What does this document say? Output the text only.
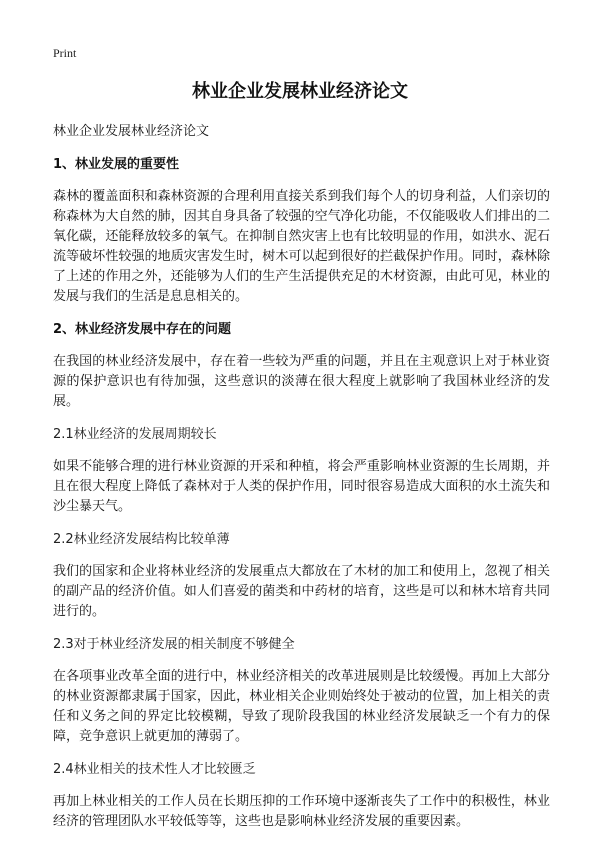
Print
林业企业发展林业经济论文

林业企业发展林业经济论文

1、林业发展的重要性

森林的覆盖面积和森林资源的合理利用直接关系到我们每个人的切身利益，人们亲切的称森林为大自然的肺，因其自身具备了较强的空气净化功能，不仅能吸收人们排出的二氧化碳，还能释放较多的氧气。在抑制自然灾害上也有比较明显的作用，如洪水、泥石流等破坏性较强的地质灾害发生时，树木可以起到很好的拦截保护作用。同时，森林除了上述的作用之外，还能够为人们的生产生活提供充足的木材资源，由此可见，林业的发展与我们的生活是息息相关的。

2、林业经济发展中存在的问题

在我国的林业经济发展中，存在着一些较为严重的问题，并且在主观意识上对于林业资源的保护意识也有待加强，这些意识的淡薄在很大程度上就影响了我国林业经济的发展。

2.1林业经济的发展周期较长

如果不能够合理的进行林业资源的开采和种植，将会严重影响林业资源的生长周期，并且在很大程度上降低了森林对于人类的保护作用，同时很容易造成大面积的水土流失和沙尘暴天气。

2.2林业经济发展结构比较单薄

我们的国家和企业将林业经济的发展重点大都放在了木材的加工和使用上，忽视了相关的副产品的经济价值。如人们喜爱的菌类和中药材的培育，这些是可以和林木培育共同进行的。

2.3对于林业经济发展的相关制度不够健全

在各项事业改革全面的进行中，林业经济相关的改革进展则是比较缓慢。再加上大部分的林业资源都隶属于国家，因此，林业相关企业则始终处于被动的位置，加上相关的责任和义务之间的界定比较模糊，导致了现阶段我国的林业经济发展缺乏一个有力的保障，竞争意识上就更加的薄弱了。

2.4林业相关的技术性人才比较匮乏

再加上林业相关的工作人员在长期压抑的工作环境中逐渐丧失了工作中的积极性，林业经济的管理团队水平较低等等，这些也是影响林业经济发展的重要因素。
